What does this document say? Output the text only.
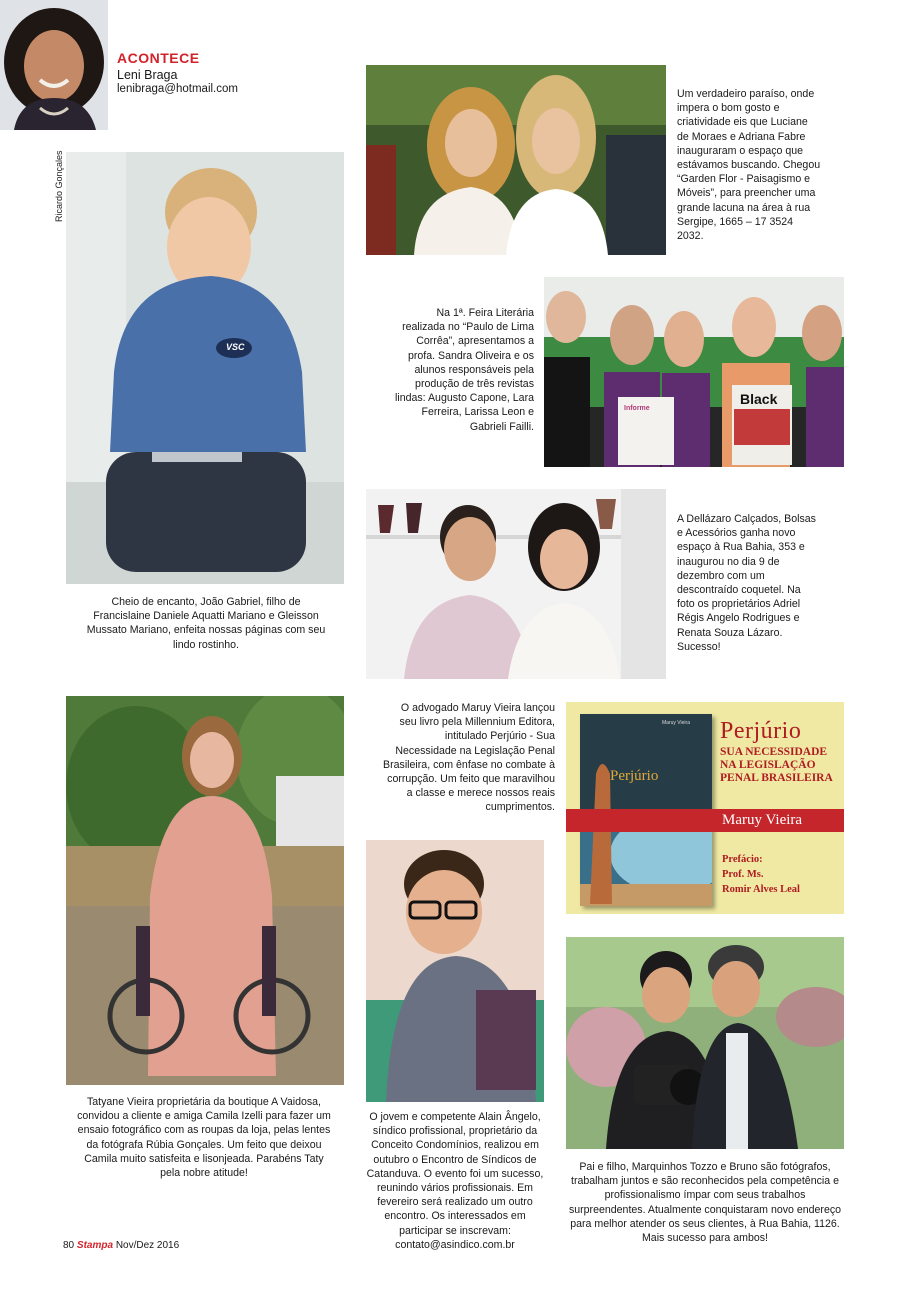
ACONTECE
Leni Braga
lenibraga@hotmail.com
Ricardo Gonçales
Um verdadeiro paraíso, onde impera o bom gosto e criatividade eis que Luciane de Moraes e Adriana Fabre inauguraram o espaço que estávamos buscando. Chegou “Garden Flor - Paisagismo e Móveis”, para preencher uma grande lacuna na área à rua Sergipe, 1665 – 17 3524 2032.
Informe
Black
Na 1ª. Feira Literária realizada no “Paulo de Lima Corrêa”, apresentamos a profa. Sandra Oliveira e os alunos responsáveis pela produção de três revistas lindas: Augusto Capone, Lara Ferreira, Larissa Leon e Gabrieli Failli.
VSC
Cheio de encanto, João Gabriel, filho de Francislaine Daniele Aquatti Mariano e Gleisson Mussato Mariano, enfeita nossas páginas com seu lindo rostinho.
A Dellázaro Calçados, Bolsas e Acessórios ganha novo espaço à Rua Bahia, 353 e inaugurou no dia 9 de dezembro com um descontraído coquetel. Na foto os proprietários Adriel Régis Angelo Rodrigues e Renata Souza Lázaro. Sucesso!
O advogado Maruy Vieira lançou seu livro pela Millennium Editora, intitulado Perjúrio - Sua Necessidade na Legislação Penal Brasileira, com ênfase no combate à corrupção. Um feito que maravilhou a classe e merece nossos reais cumprimentos.
Maruy Vieira
Perjúrio
Perjúrio
SUA NECESSIDADE NA LEGISLAÇÃO PENAL BRASILEIRA
Maruy Vieira
Prefácio:
Prof. Ms.
Romir Alves Leal
Tatyane Vieira proprietária da boutique A Vaidosa, convidou a cliente e amiga Camila Izelli para fazer um ensaio fotográfico com as roupas da loja, pelas lentes da fotógrafa Rúbia Gonçales. Um feito que deixou Camila muito satisfeita e lisonjeada. Parabéns Taty pela nobre atitude!
O jovem e competente Alain Ângelo, síndico profissional, proprietário da Conceito Condomínios, realizou em outubro o Encontro de Síndicos de Catanduva. O evento foi um sucesso, reunindo vários profissionais. Em fevereiro será realizado um outro encontro. Os interessados em participar se inscrevam: contato@asindico.com.br
Pai e filho, Marquinhos Tozzo e Bruno são fotógrafos, trabalham juntos e são reconhecidos pela competência e profissionalismo ímpar com seus trabalhos surpreendentes. Atualmente conquistaram novo endereço para melhor atender os seus clientes, à Rua Bahia, 1126. Mais sucesso para ambos!
80 Stampa Nov/Dez 2016
